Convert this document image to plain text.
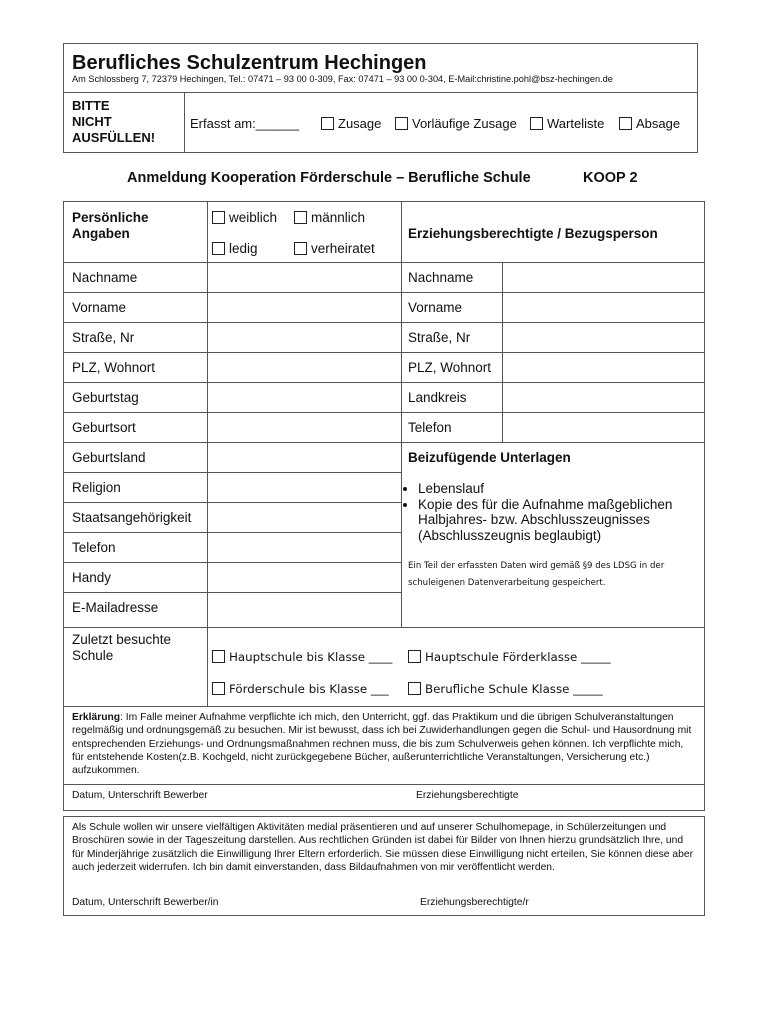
Berufliches Schulzentrum Hechingen
Am Schlossberg 7, 72379 Hechingen, Tel.: 07471 – 93 00 0-309, Fax: 07471 – 93 00 0-304, E-Mail:christine.pohl@bsz-hechingen.de
BITTE
NICHT
AUSFÜLLEN!
Erfasst am:______	Zusage	Vorläufige Zusage	Warteliste	Absage
Anmeldung Kooperation Förderschule – Berufliche Schule	KOOP 2
Persönliche Angaben
weiblich	männlich
ledig	verheiratet
Nachname
Vorname
Straße, Nr
PLZ, Wohnort
Geburtstag
Geburtsort
Geburtsland
Religion
Staatsangehörigkeit
Telefon
Handy
E-Mailadresse
Erziehungsberechtigte / Bezugsperson
Nachname
Vorname
Straße, Nr
PLZ, Wohnort
Landkreis
Telefon
Beizufügende Unterlagen
• Lebenslauf
• Kopie des für die Aufnahme maßgeblichen Halbjahres- bzw. Abschlusszeugnisses (Abschlusszeugnis beglaubigt)
Ein Teil der erfassten Daten wird gemäß §9 des LDSG in der schuleigenen Datenverarbeitung gespeichert.
Zuletzt besuchte Schule	Hauptschule bis Klasse ____	Hauptschule Förderklasse _____
Förderschule bis Klasse ___	Berufliche Schule Klasse _____
Erklärung: Im Falle meiner Aufnahme verpflichte ich mich, den Unterricht, ggf. das Praktikum und die übrigen Schulveranstaltungen regelmäßig und ordnungsgemäß zu besuchen. Mir ist bewusst, dass ich bei Zuwiderhandlungen gegen die Schul- und Hausordnung mit entsprechenden Erziehungs- und Ordnungsmaßnahmen rechnen muss, die bis zum Schulverweis gehen können. Ich verpflichte mich, für entstehende Kosten(z.B. Kochgeld, nicht zurückgegebene Bücher, außerunterrichtliche Veranstaltungen, Versicherung etc.) aufzukommen.
Datum, Unterschrift Bewerber	Erziehungsberechtigte
Als Schule wollen wir unsere vielfältigen Aktivitäten medial präsentieren und auf unserer Schulhomepage, in Schülerzeitungen und Broschüren sowie in der Tageszeitung darstellen. Aus rechtlichen Gründen ist dabei für Bilder von Ihnen hierzu grundsätzlich Ihre, und für Minderjährige zusätzlich die Einwilligung Ihrer Eltern erforderlich. Sie müssen diese Einwilligung nicht erteilen, Sie können diese aber auch jederzeit widerrufen. Ich bin damit einverstanden, dass Bildaufnahmen von mir veröffentlicht werden.
Datum, Unterschrift Bewerber/in	Erziehungsberechtigte/r
